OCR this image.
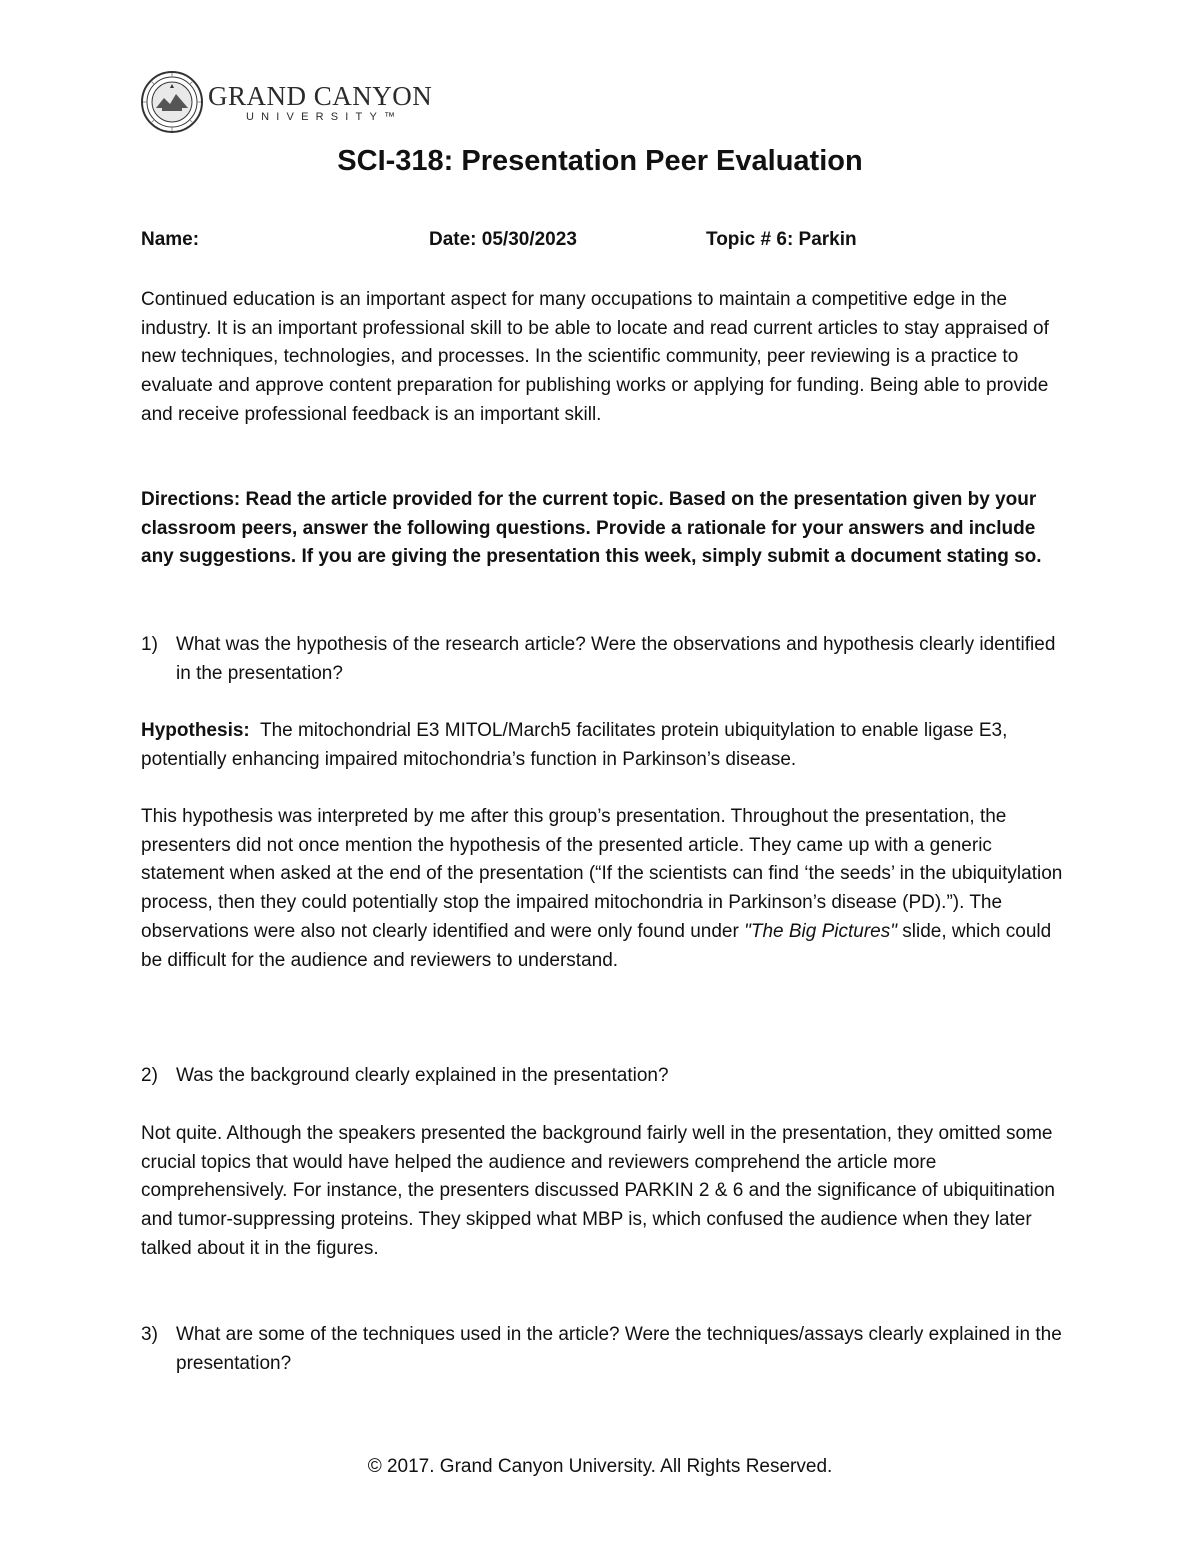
GRAND CANYON
UNIVERSITY™
SCI-318: Presentation Peer Evaluation
Name:	Date: 05/30/2023	Topic # 6: Parkin

Continued education is an important aspect for many occupations to maintain a competitive edge in the industry. It is an important professional skill to be able to locate and read current articles to stay appraised of new techniques, technologies, and processes. In the scientific community, peer reviewing is a practice to evaluate and approve content preparation for publishing works or applying for funding. Being able to provide and receive professional feedback is an important skill.

Directions: Read the article provided for the current topic. Based on the presentation given by your classroom peers, answer the following questions. Provide a rationale for your answers and include any suggestions. If you are giving the presentation this week, simply submit a document stating so.

1) What was the hypothesis of the research article? Were the observations and hypothesis clearly identified in the presentation?

Hypothesis:  The mitochondrial E3 MITOL/March5 facilitates protein ubiquitylation to enable ligase E3, potentially enhancing impaired mitochondria’s function in Parkinson’s disease.

This hypothesis was interpreted by me after this group’s presentation. Throughout the presentation, the presenters did not once mention the hypothesis of the presented article. They came up with a generic statement when asked at the end of the presentation (“If the scientists can find ‘the seeds’ in the ubiquitylation process, then they could potentially stop the impaired mitochondria in Parkinson’s disease (PD).”). The observations were also not clearly identified and were only found under "The Big Pictures" slide, which could be difficult for the audience and reviewers to understand.

2) Was the background clearly explained in the presentation?

Not quite. Although the speakers presented the background fairly well in the presentation, they omitted some crucial topics that would have helped the audience and reviewers comprehend the article more comprehensively. For instance, the presenters discussed PARKIN 2 & 6 and the significance of ubiquitination and tumor-suppressing proteins. They skipped what MBP is, which confused the audience when they later talked about it in the figures.

3) What are some of the techniques used in the article? Were the techniques/assays clearly explained in the presentation?
© 2017. Grand Canyon University. All Rights Reserved.
